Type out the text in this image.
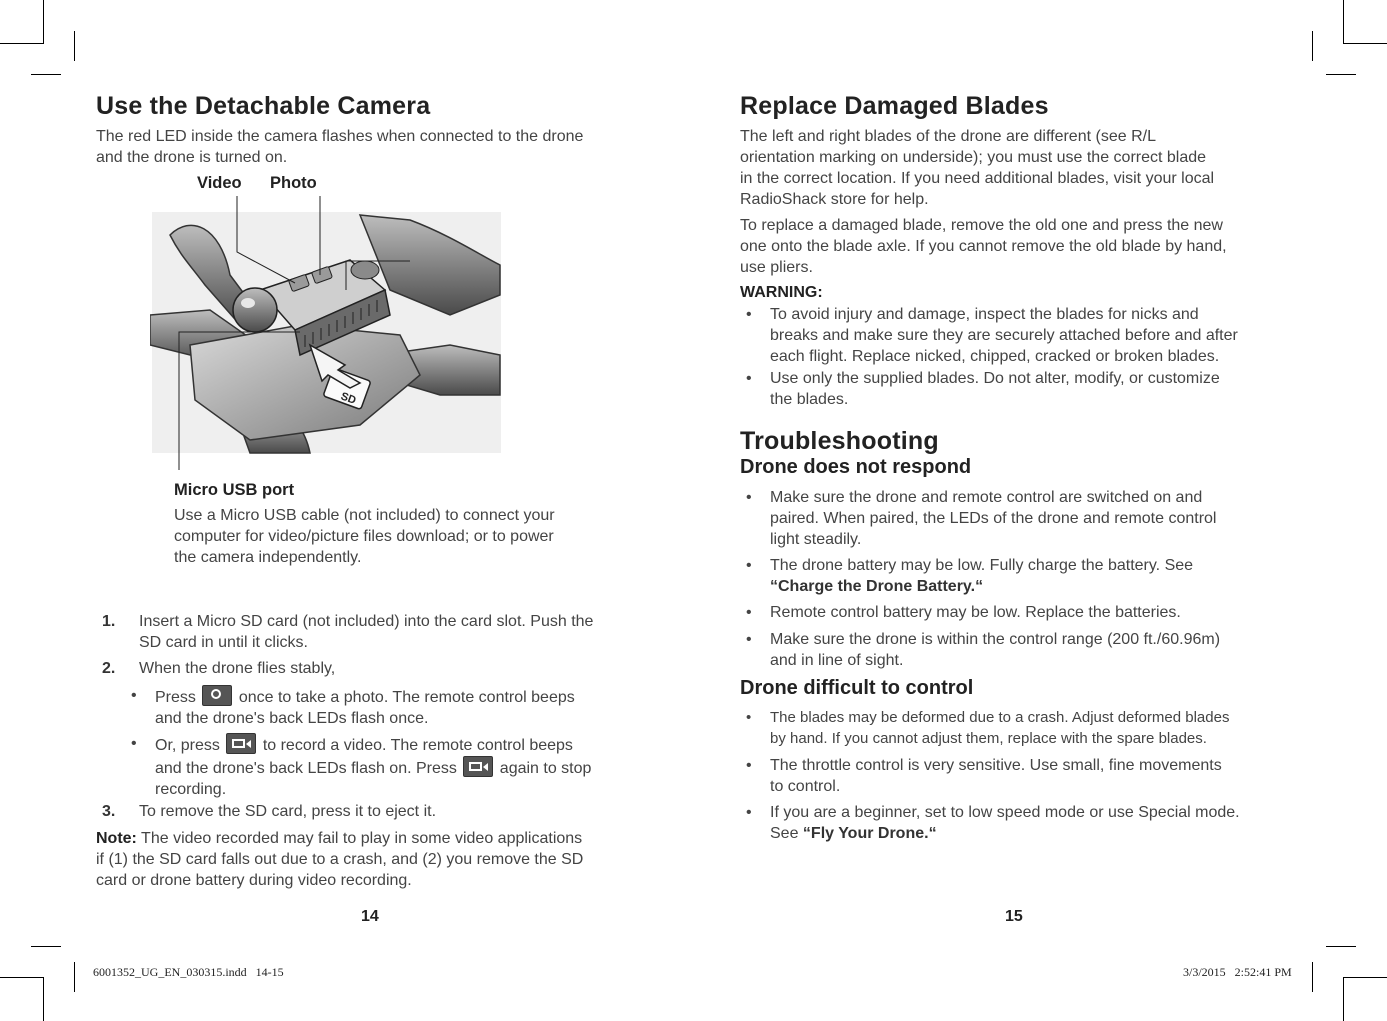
Use the Detachable Camera
The red LED inside the camera flashes when connected to the drone
and the drone is turned on.
Video Photo
SD
Micro USB port
Use a Micro USB cable (not included) to connect your
computer for video/picture files download; or to power
the camera independently.
1. Insert a Micro SD card (not included) into the card slot. Push the
SD card in until it clicks.
2. When the drone flies stably,
• Press	once to take a photo. The remote control beeps
and the drone's back LEDs flash once.
• Or, press	to record a video. The remote control beeps
and the drone's back LEDs flash on. Press	again to stop
recording.
3. To remove the SD card, press it to eject it.
Note: The video recorded may fail to play in some video applications
if (1) the SD card falls out due to a crash, and (2) you remove the SD
card or drone battery during video recording.
14
Replace Damaged Blades
The left and right blades of the drone are different (see R/L
orientation marking on underside); you must use the correct blade
in the correct location. If you need additional blades, visit your local
RadioShack store for help.
To replace a damaged blade, remove the old one and press the new
one onto the blade axle. If you cannot remove the old blade by hand,
use pliers.
WARNING:
• To avoid injury and damage, inspect the blades for nicks and
breaks and make sure they are securely attached before and after
each flight. Replace nicked, chipped, cracked or broken blades.
• Use only the supplied blades. Do not alter, modify, or customize
the blades.
Troubleshooting
Drone does not respond
• Make sure the drone and remote control are switched on and
paired. When paired, the LEDs of the drone and remote control
light steadily.
• The drone battery may be low. Fully charge the battery. See
“Charge the Drone Battery.“
• Remote control battery may be low. Replace the batteries.
• Make sure the drone is within the control range (200 ft./60.96m)
and in line of sight.
Drone difficult to control
• The blades may be deformed due to a crash. Adjust deformed blades
by hand. If you cannot adjust them, replace with the spare blades.
• The throttle control is very sensitive. Use small, fine movements
to control.
• If you are a beginner, set to low speed mode or use Special mode.
See “Fly Your Drone.“
15
6001352_UG_EN_030315.indd   14-15	3/3/2015   2:52:41 PM
